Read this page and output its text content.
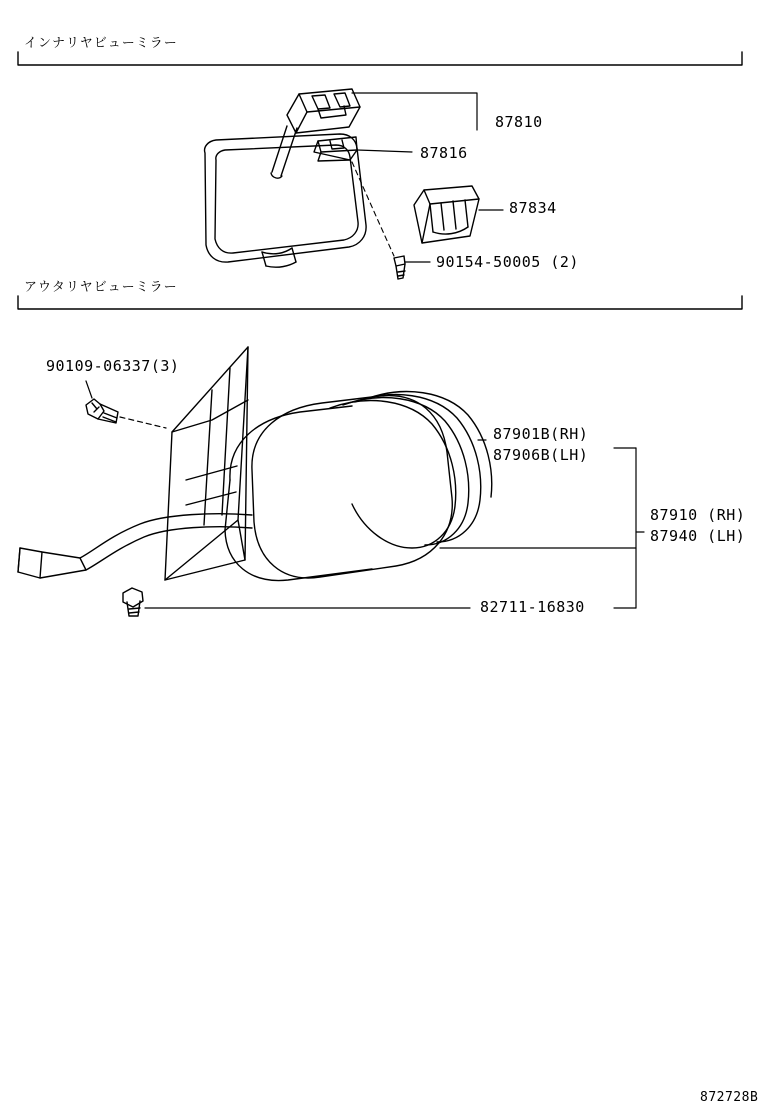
インナリヤビューミラー
アウタリヤビューミラー
87810
87816
87834
90154-50005 (2)
90109-06337(3)
87901B(RH)
87906B(LH)
87910 (RH)
87940 (LH)
82711-16830
872728B
